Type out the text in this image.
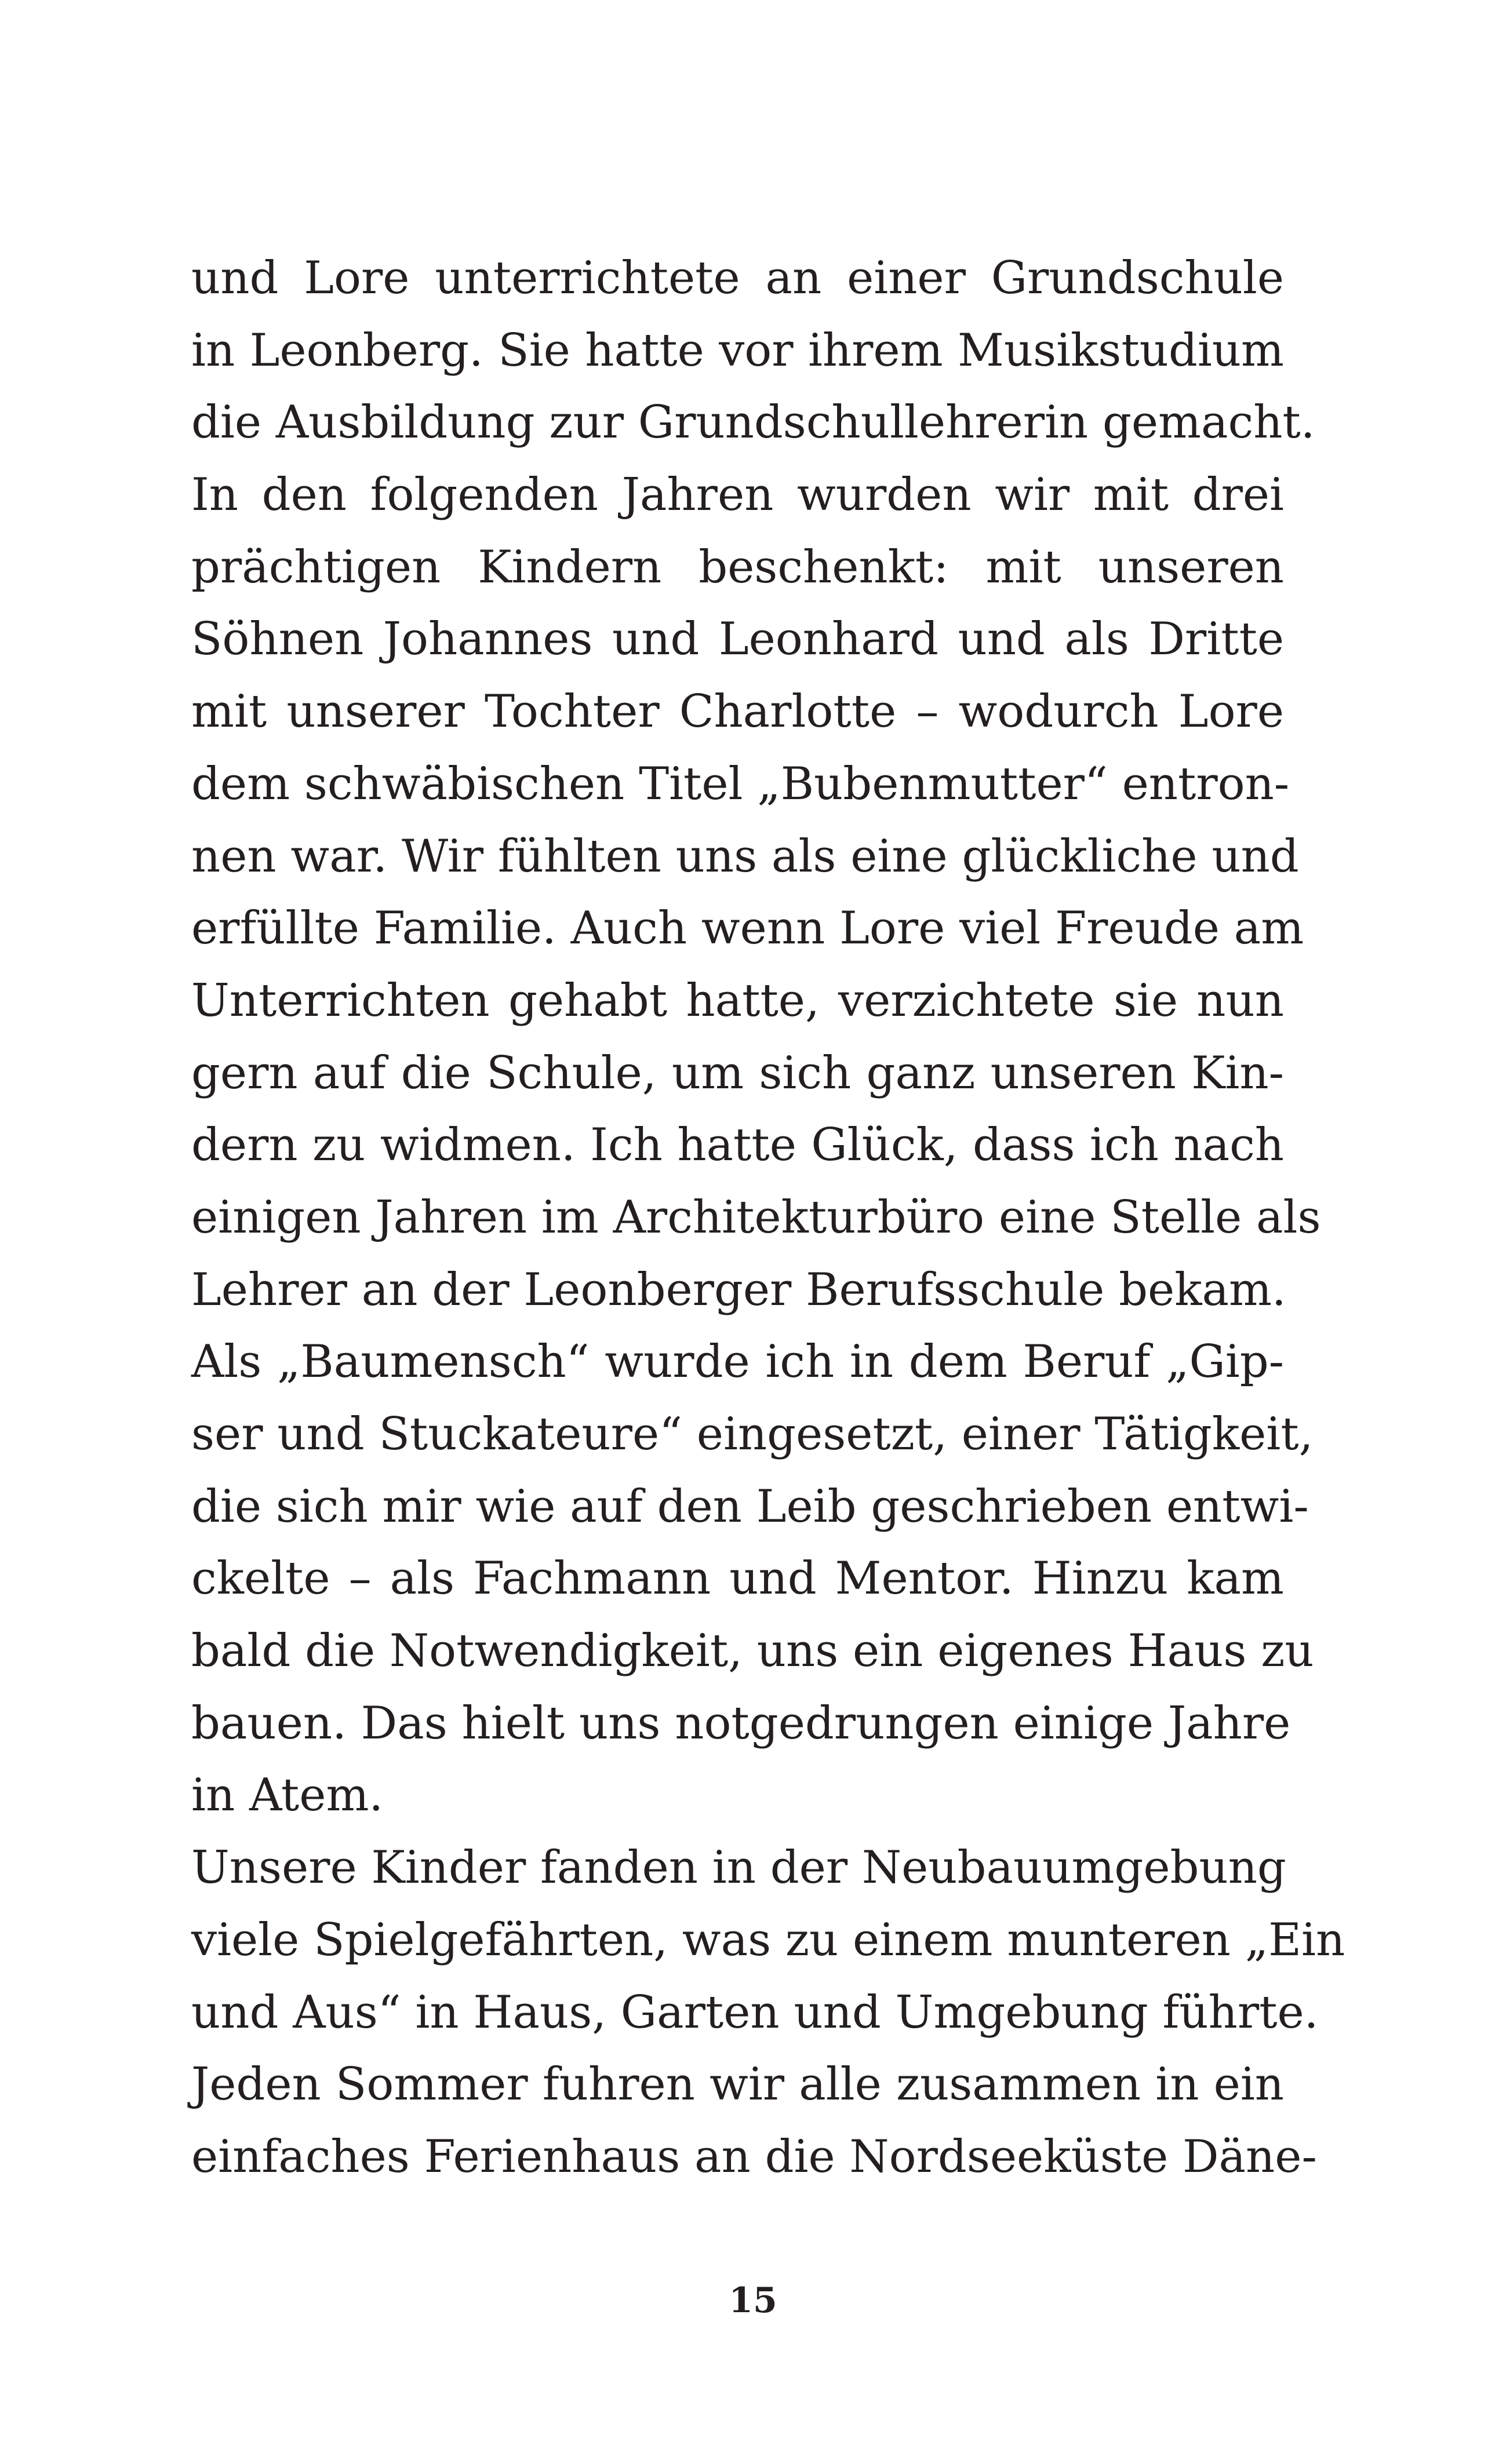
und Lore unterrichtete an einer Grundschule
in Leonberg. Sie hatte vor ihrem Musikstudium
die Ausbildung zur Grundschullehrerin gemacht.
In den folgenden Jahren wurden wir mit drei
prächtigen Kindern beschenkt: mit unseren
Söhnen Johannes und Leonhard und als Dritte
mit unserer Tochter Charlotte – wodurch Lore
dem schwäbischen Titel „Bubenmutter“ entron-
nen war. Wir fühlten uns als eine glückliche und
erfüllte Familie. Auch wenn Lore viel Freude am
Unterrichten gehabt hatte, verzichtete sie nun
gern auf die Schule, um sich ganz unseren Kin-
dern zu widmen. Ich hatte Glück, dass ich nach
einigen Jahren im Architekturbüro eine Stelle als
Lehrer an der Leonberger Berufsschule bekam.
Als „Baumensch“ wurde ich in dem Beruf „Gip-
ser und Stuckateure“ eingesetzt, einer Tätigkeit,
die sich mir wie auf den Leib geschrieben entwi-
ckelte – als Fachmann und Mentor. Hinzu kam
bald die Notwendigkeit, uns ein eigenes Haus zu
bauen. Das hielt uns notgedrungen einige Jahre
in Atem.
Unsere Kinder fanden in der Neubauumgebung
viele Spielgefährten, was zu einem munteren „Ein
und Aus“ in Haus, Garten und Umgebung führte.
Jeden Sommer fuhren wir alle zusammen in ein
einfaches Ferienhaus an die Nordseeküste Däne-
15
